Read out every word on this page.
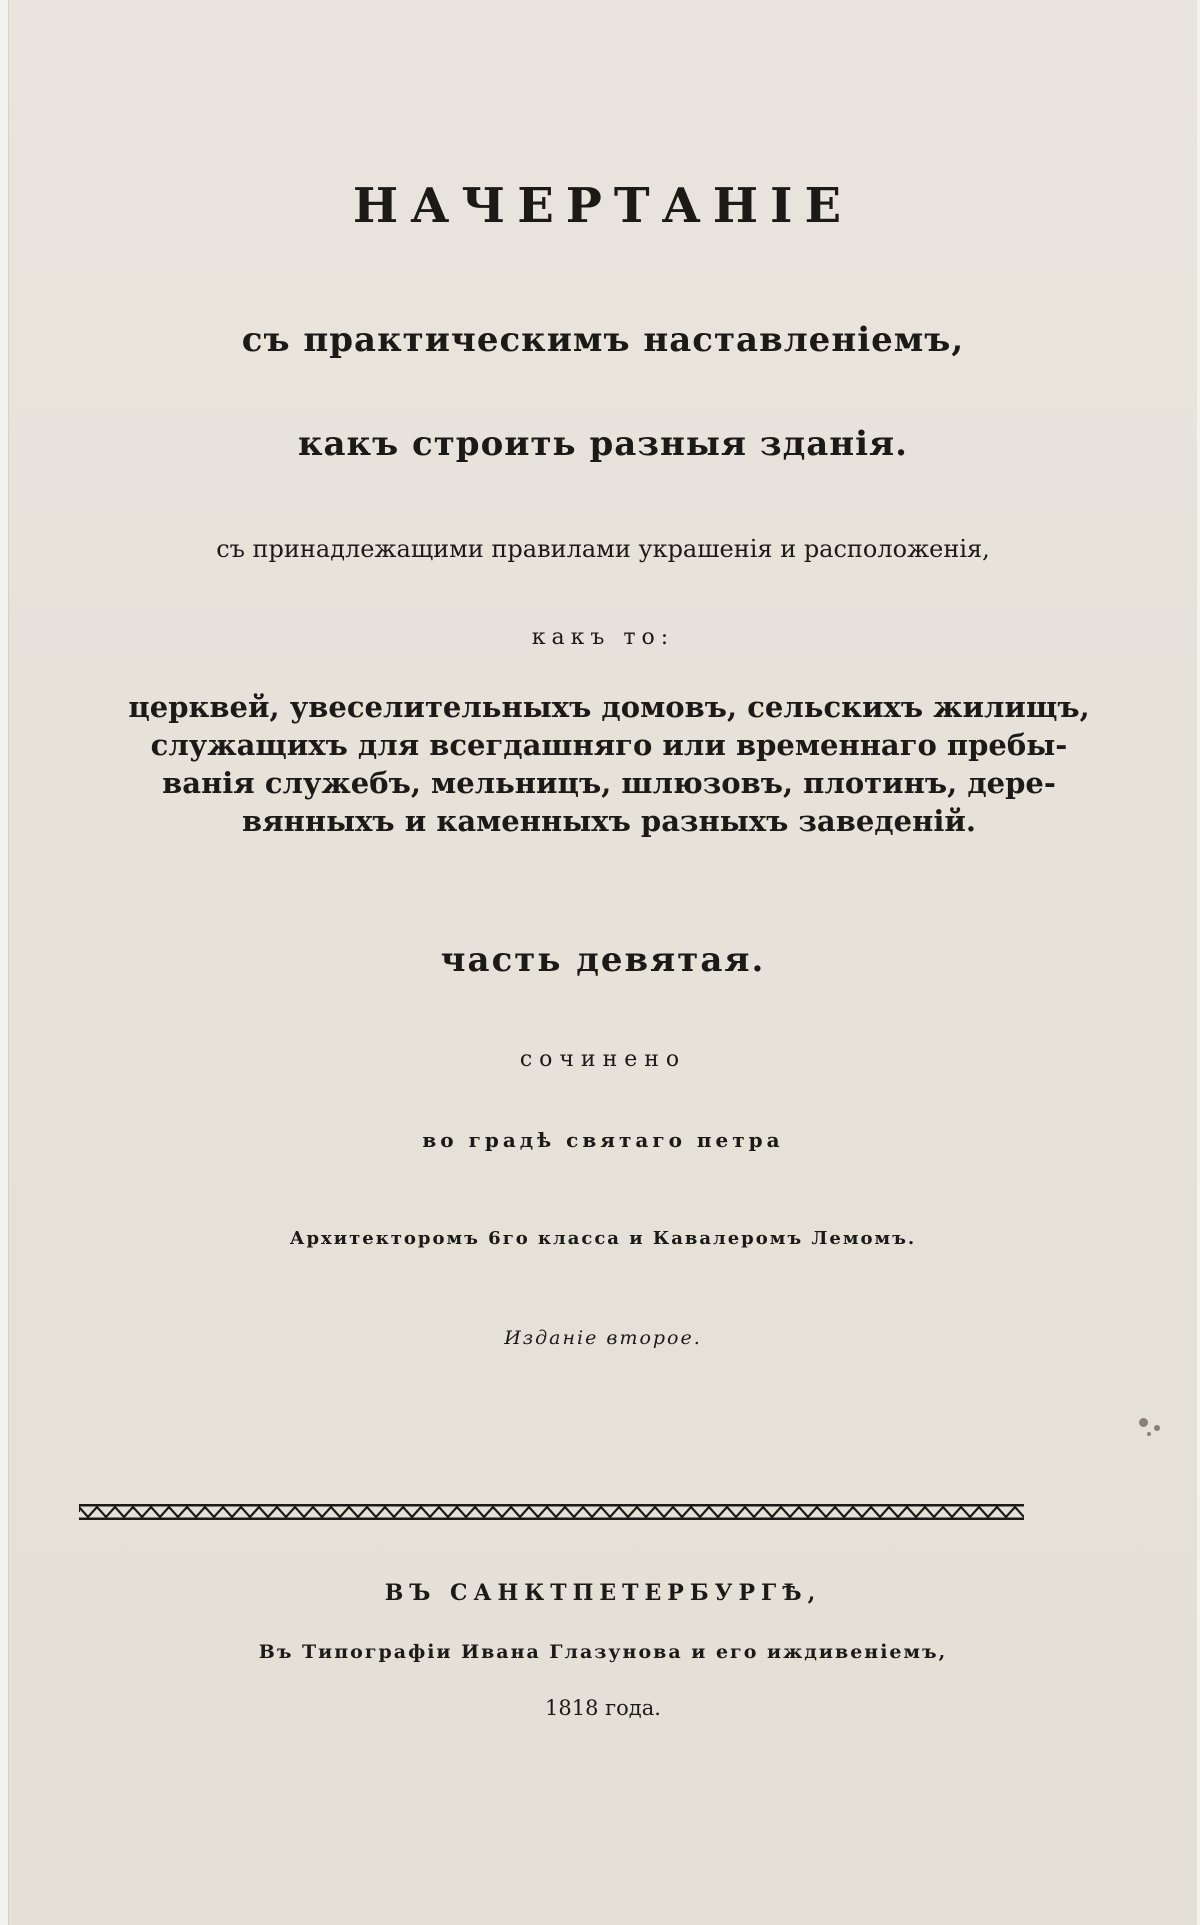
НАЧЕРТАНІЕ

съ практическимъ наставленіемъ,

какъ строить разныя зданія.

съ принадлежащими правилами украшенія и расположенія,

какъ то:

церквей, увеселительныхъ домовъ, сельскихъ жилищъ,
служащихъ для всегдашняго или временнаго пребы-
ванія служебъ, мельницъ, шлюзовъ, плотинъ, дере-
вянныхъ и каменныхъ разныхъ заведеній.

часть девятая.

сочинено

во градѣ святаго петра

Архитекторомъ 6го класса и Кавалеромъ Лемомъ.

Изданіе второе.

ВЪ САНКТПЕТЕРБУРГѢ,

Въ Типографіи Ивана Глазунова и его иждивеніемъ,

1818 года.
